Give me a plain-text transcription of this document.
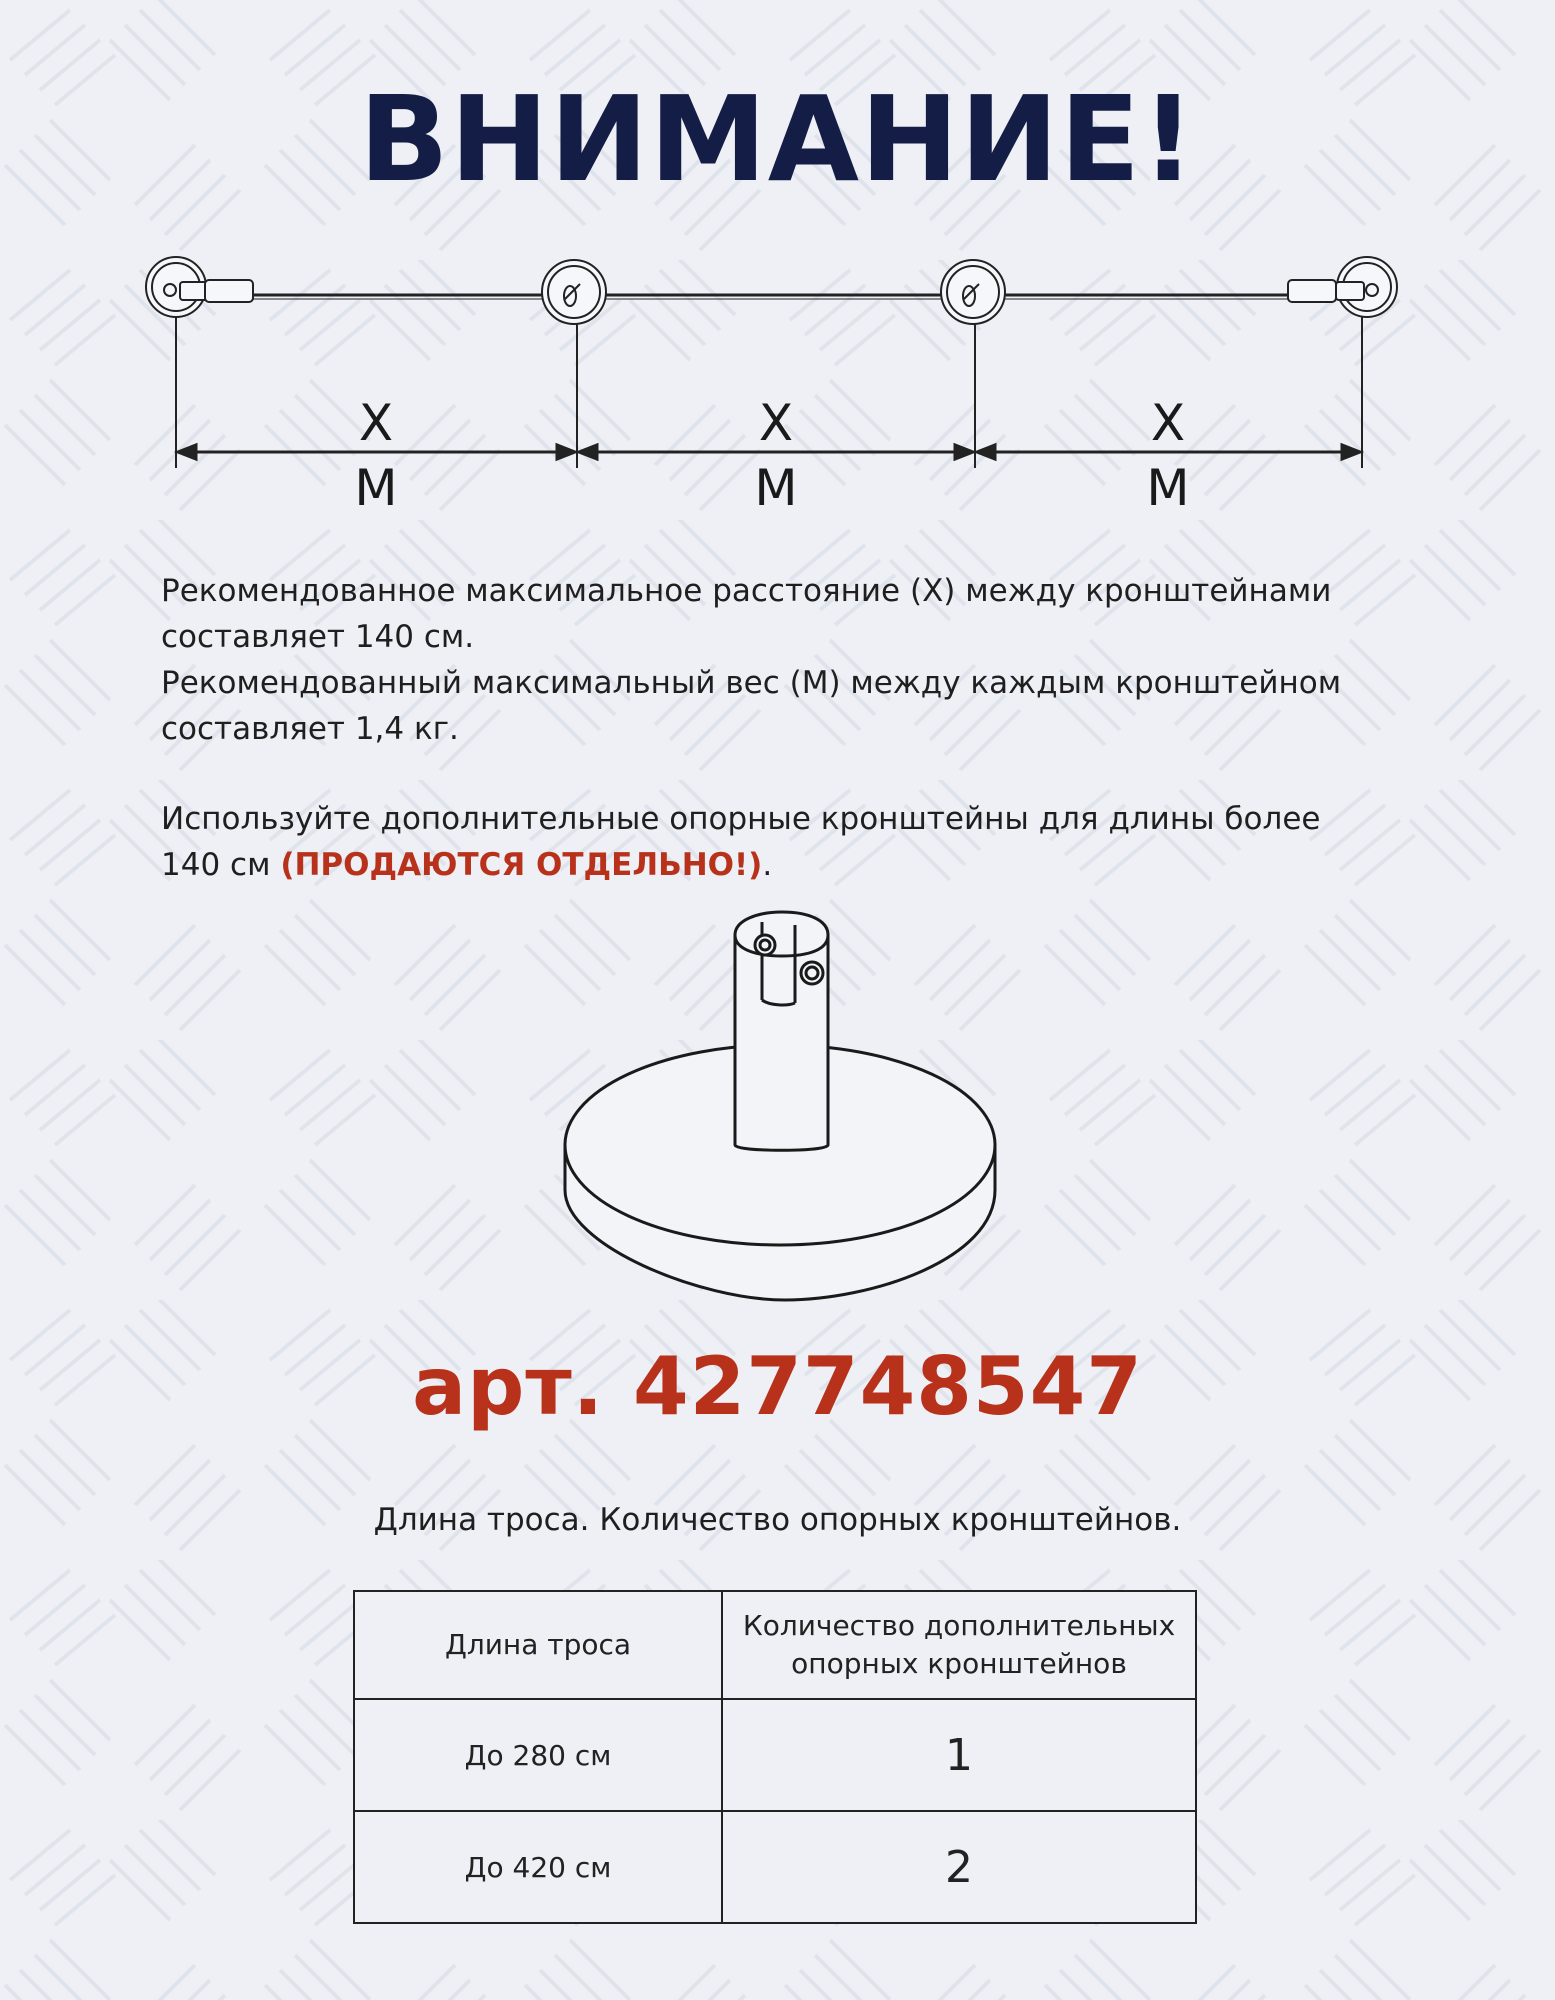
ВНИМАНИЕ!
X
M
X
M
X
M

Рекомендованное максимальное расстояние (X) между кронштейнами

составляет 140 см.

Рекомендованный максимальный вес (M) между каждым кронштейном

составляет 1,4 кг.

Используйте дополнительные опорные кронштейны для длины более

140 см (ПРОДАЮТСЯ ОТДЕЛЬНО!).

арт. 427748547
Длина троса. Количество опорных кронштейнов.
Длина троса	Количество дополнительных
опорных кронштейнов

До 280 см	1
До 420 см	2
